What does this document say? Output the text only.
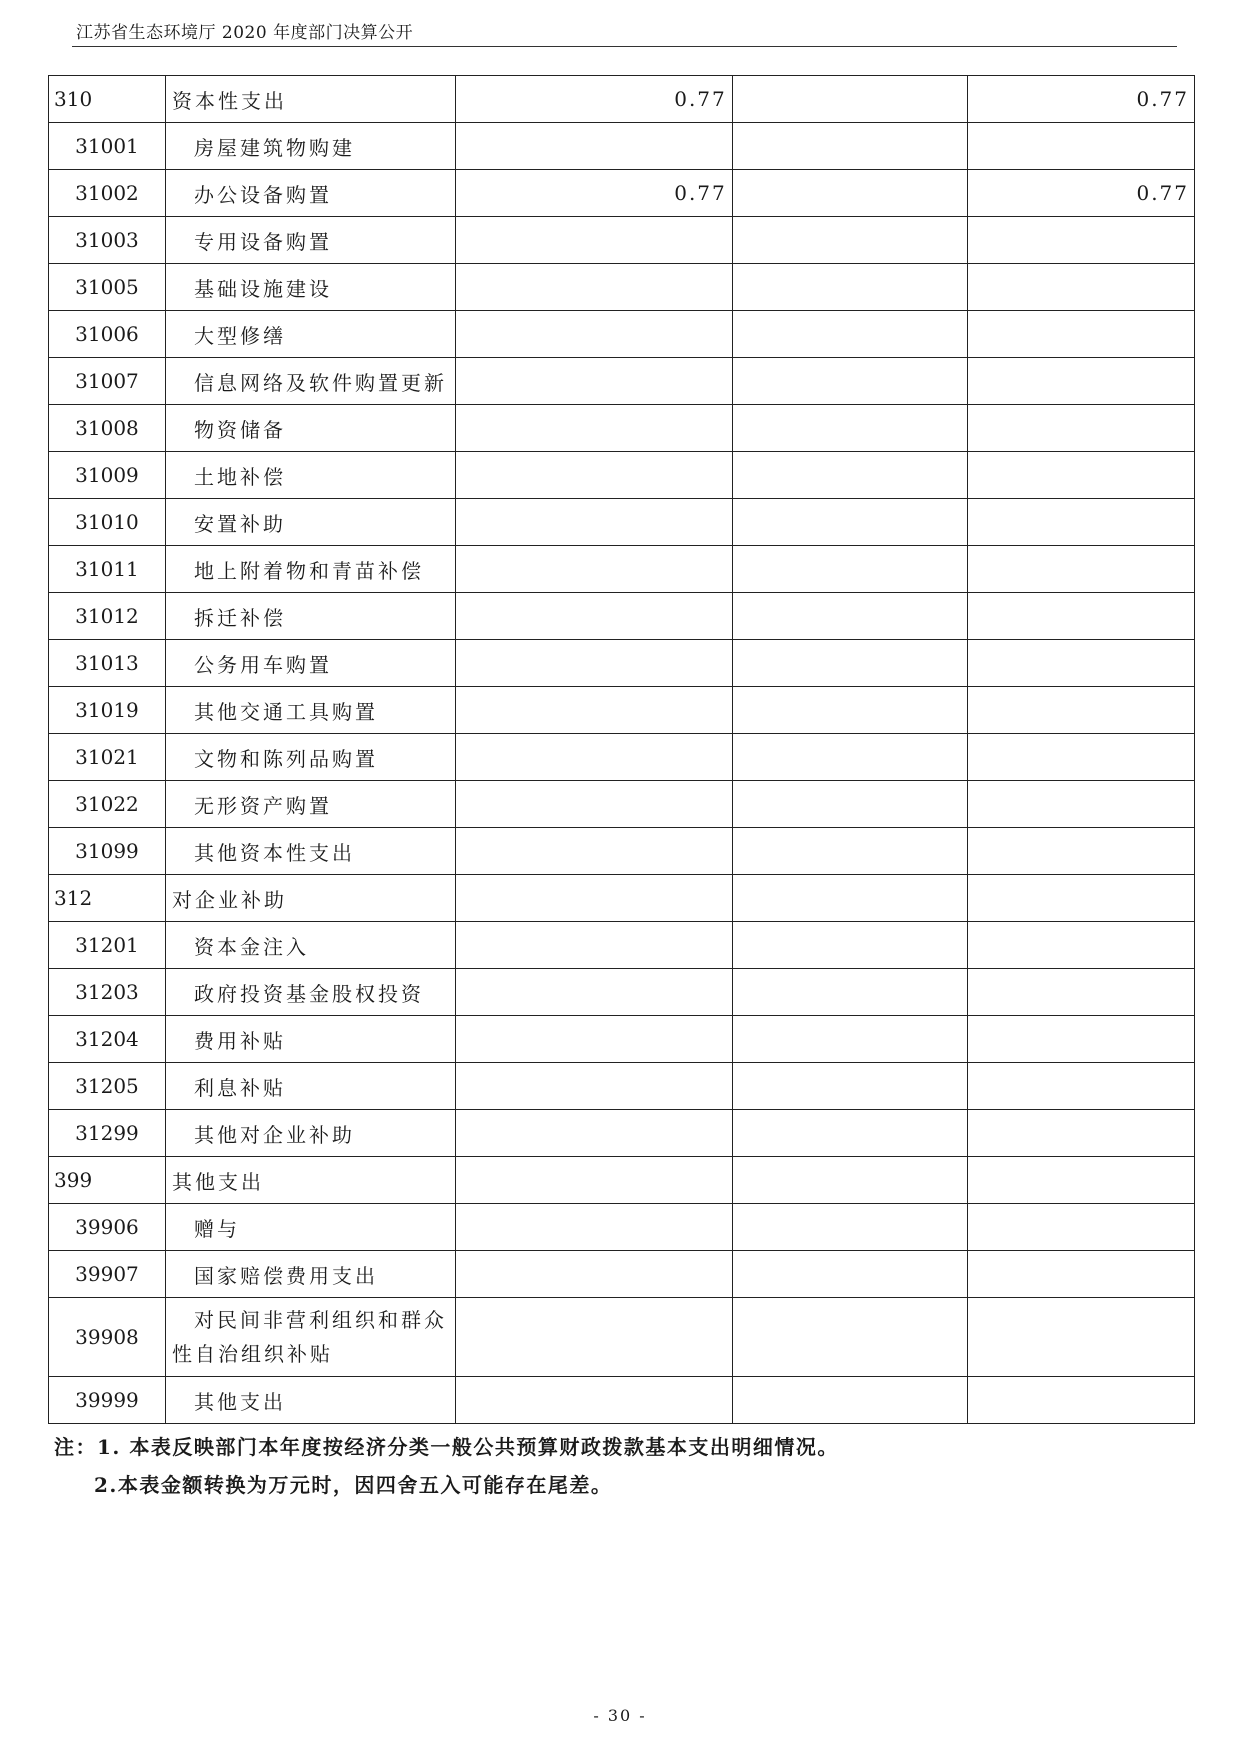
江苏省生态环境厅 2020 年度部门决算公开
310	资本性支出	0.77		0.77
31001	房屋建筑物购建			
31002	办公设备购置	0.77		0.77
31003	专用设备购置			
31005	基础设施建设			
31006	大型修缮			
31007	信息网络及软件购置更新			
31008	物资储备			
31009	土地补偿			
31010	安置补助			
31011	地上附着物和青苗补偿			
31012	拆迁补偿			
31013	公务用车购置			
31019	其他交通工具购置			
31021	文物和陈列品购置			
31022	无形资产购置			
31099	其他资本性支出			
312	对企业补助			
31201	资本金注入			
31203	政府投资基金股权投资			
31204	费用补贴			
31205	利息补贴			
31299	其他对企业补助			
399	其他支出			
39906	赠与			
39907	国家赔偿费用支出			
39908	对民间非营利组织和群众
性自治组织补贴			
39999	其他支出			
注：1. 本表反映部门本年度按经济分类一般公共预算财政拨款基本支出明细情况。
2.本表金额转换为万元时，因四舍五入可能存在尾差。
- 30 -
